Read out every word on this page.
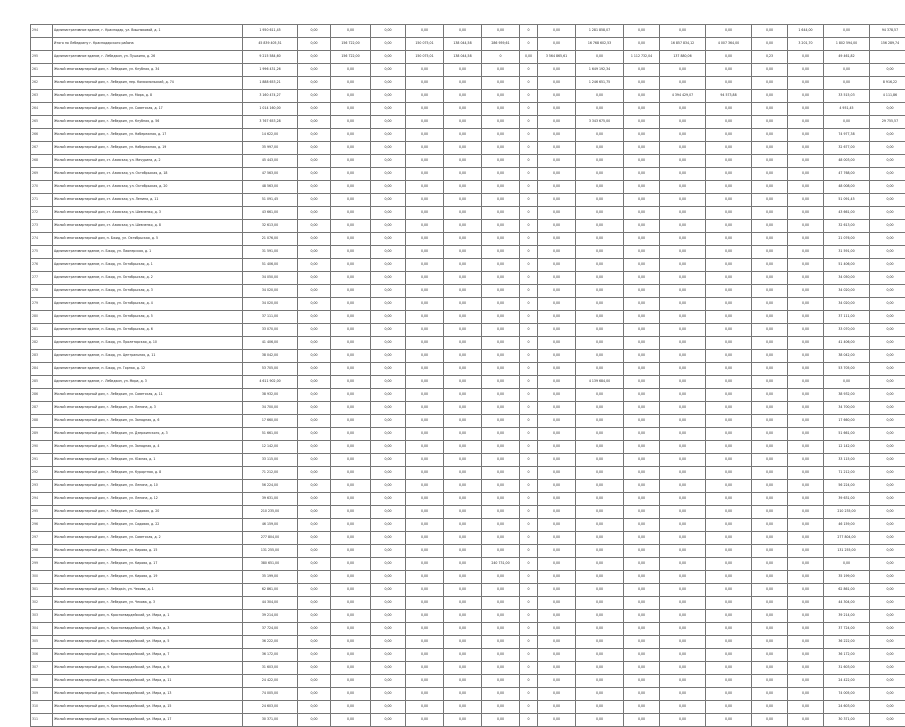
294	Административное здание, г. Краснодар, ул. Вишняковой, д. 1	1 950 611,45	0,00	0,00	0,00	0,00	0,00	0,00	0	0,00	1 281 858,07	0,00	0,00	0,00	0,00	1 644,00	0,00	94 378,57
	Итого по Лебедкину г. Краснодарского района	45 839 405,51	0,00	156 722,00	0,00	150 075,01	138 044,58	286 959,61	0	0,00	16 768 602,53	0,00	16 857 834,12	4 007 364,00	0,00	3 201,70	1 802 594,00	156 289,74
295	Административное здание, г. Лебедкин, ул. Пушкина, д. 26	9 215 584,60	0,00	156 722,00	0,00	150 075,01	138 044,58	0	0,00	3 564 865,61	0,00	1 112 732,04	137 880,06	0,00	0,23	0,00	49 461,82	
261	Жилой многоквартирный дом, г. Лебедкин, ул. Клубная, д. 34	1 996 431,26	0,00	0,00	0,00	0,00	0,00	0,00	0	0,00	1 649 192,34	0,00	0,00	0,00	0,00	0,00	0,00	0,00
262	Жилой многоквартирный дом, г. Лебедкин, пер. Комсомольский, д. 74	1 888 653,21	0,00	0,00	0,00	0,00	0,00	0,00	0	0,00	1 246 651,75	0,00	0,00	0,00	0,00	0,00	0,00	8 916,22
263	Жилой многоквартирный дом, г. Лебедкин, ул. Мира, д. 8	3 160 474,27	0,00	0,00	0,00	0,00	0,00	0,00	0	0,00	0,00	0,00	4 394 429,07	94 573,88	0,00	0,00	33 515,03	4 111,86
264	Жилой многоквартирный дом, г. Лебедкин, ул. Советская, д. 17	1 014 160,00	0,00	0,00	0,00	0,00	0,00	0,00	0	0,00	0,00	0,00	0,00	0,00	0,00	0,00	4 951,45	0,00
265	Жилой многоквартирный дом, г. Лебедкин, ул. Клубная, д. 56	3 767 653,28	0,00	0,00	0,00	0,00	0,00	0,00	0	0,00	3 343 675,00	0,00	0,00	0,00	0,00	0,00	0,00	29 755,57
266	Жилой многоквартирный дом, г. Лебедкин, ул. Набережная, д. 17	14 622,00	0,00	0,00	0,00	0,00	0,00	0,00	0	0,00	0,00	0,00	0,00	0,00	0,00	0,00	74 977,38	0,00
267	Жилой многоквартирный дом, г. Лебедкин, ул. Набережная, д. 19	35 997,00	0,00	0,00	0,00	0,00	0,00	0,00	0	0,00	0,00	0,00	0,00	0,00	0,00	0,00	32 677,00	0,00
268	Жилой многоквартирный дом, ст. Азовская, ул. Мичурина, д. 2	45 443,00	0,00	0,00	0,00	0,00	0,00	0,00	0	0,00	0,00	0,00	0,00	0,00	0,00	0,00	48 003,00	0,00
269	Жилой многоквартирный дом, ст. Азовская, ул. Октябрьская, д. 18	47 563,00	0,00	0,00	0,00	0,00	0,00	0,00	0	0,00	0,00	0,00	0,00	0,00	0,00	0,00	47 768,00	0,00
270	Жилой многоквартирный дом, ст. Азовская, ул. Октябрьская, д. 20	48 563,00	0,00	0,00	0,00	0,00	0,00	0,00	0	0,00	0,00	0,00	0,00	0,00	0,00	0,00	48 008,00	0,00
271	Жилой многоквартирный дом, ст. Азовская, ул. Ленина, д. 11	51 091,45	0,00	0,00	0,00	0,00	0,00	0,00	0	0,00	0,00	0,00	0,00	0,00	0,00	0,00	51 091,45	0,00
272	Жилой многоквартирный дом, ст. Азовская, ул. Шевченко, д. 3	43 661,00	0,00	0,00	0,00	0,00	0,00	0,00	0	0,00	0,00	0,00	0,00	0,00	0,00	0,00	43 661,00	0,00
273	Жилой многоквартирный дом, ст. Азовская, ул. Шевченко, д. 8	32 613,00	0,00	0,00	0,00	0,00	0,00	0,00	0	0,00	0,00	0,00	0,00	0,00	0,00	0,00	32 613,00	0,00
274	Жилой многоквартирный дом, п. Бжид, ул. Октябрьская, д. 5	21 076,00	0,00	0,00	0,00	0,00	0,00	0,00	0	0,00	0,00	0,00	0,00	0,00	0,00	0,00	21 076,00	0,00
275	Административное здание, п. Бжид, ул. Пионерская, д. 1	31 591,00	0,00	0,00	0,00	0,00	0,00	0,00	0	0,00	0,00	0,00	0,00	0,00	0,00	0,00	31 591,00	0,00
276	Административное здание, п. Бжид, ул. Октябрьская, д. 1	51 406,00	0,00	0,00	0,00	0,00	0,00	0,00	0	0,00	0,00	0,00	0,00	0,00	0,00	0,00	51 406,00	0,00
277	Административное здание, п. Бжид, ул. Октябрьская, д. 2	34 050,00	0,00	0,00	0,00	0,00	0,00	0,00	0	0,00	0,00	0,00	0,00	0,00	0,00	0,00	34 050,00	0,00
278	Административное здание, п. Бжид, ул. Октябрьская, д. 3	34 020,00	0,00	0,00	0,00	0,00	0,00	0,00	0	0,00	0,00	0,00	0,00	0,00	0,00	0,00	34 020,00	0,00
279	Административное здание, п. Бжид, ул. Октябрьская, д. 4	34 020,00	0,00	0,00	0,00	0,00	0,00	0,00	0	0,00	0,00	0,00	0,00	0,00	0,00	0,00	34 020,00	0,00
280	Административное здание, п. Бжид, ул. Октябрьская, д. 5	37 111,00	0,00	0,00	0,00	0,00	0,00	0,00	0	0,00	0,00	0,00	0,00	0,00	0,00	0,00	37 111,00	0,00
281	Административное здание, п. Бжид, ул. Октябрьская, д. 6	33 070,00	0,00	0,00	0,00	0,00	0,00	0,00	0	0,00	0,00	0,00	0,00	0,00	0,00	0,00	33 070,00	0,00
282	Административное здание, п. Бжид, ул. Пролетарская, д. 10	41 406,00	0,00	0,00	0,00	0,00	0,00	0,00	0	0,00	0,00	0,00	0,00	0,00	0,00	0,00	41 406,00	0,00
283	Административное здание, п. Бжид, ул. Центральная, д. 11	38 042,00	0,00	0,00	0,00	0,00	0,00	0,00	0	0,00	0,00	0,00	0,00	0,00	0,00	0,00	38 042,00	0,00
284	Административное здание, п. Бжид, ул. Горная, д. 12	53 705,00	0,00	0,00	0,00	0,00	0,00	0,00	0	0,00	0,00	0,00	0,00	0,00	0,00	0,00	53 705,00	0,00
285	Административное здание, г. Лебедкин, ул. Мира, д. 3	4 611 902,00	0,00	0,00	0,00	0,00	0,00	0,00	0	0,00	4 139 684,00	0,00	0,00	0,00	0,00	0,00	0,00	0,00
286	Жилой многоквартирный дом, г. Лебедкин, ул. Советская, д. 11	38 932,00	0,00	0,00	0,00	0,00	0,00	0,00	0	0,00	0,00	0,00	0,00	0,00	0,00	0,00	38 932,00	0,00
287	Жилой многоквартирный дом, г. Лебедкин, ул. Ленина, д. 3	34 700,00	0,00	0,00	0,00	0,00	0,00	0,00	0	0,00	0,00	0,00	0,00	0,00	0,00	0,00	34 700,00	0,00
288	Жилой многоквартирный дом, г. Лебедкин, ул. Западная, д. 6	17 660,00	0,00	0,00	0,00	0,00	0,00	0,00	0	0,00	0,00	0,00	0,00	0,00	0,00	0,00	17 660,00	0,00
289	Жилой многоквартирный дом, г. Лебедкин, ул. Дзержинского, д. 3	51 661,00	0,00	0,00	0,00	0,00	0,00	0,00	0	0,00	0,00	0,00	0,00	0,00	0,00	0,00	51 661,00	0,00
290	Жилой многоквартирный дом, г. Лебедкин, ул. Западная, д. 4	12 142,00	0,00	0,00	0,00	0,00	0,00	0,00	0	0,00	0,00	0,00	0,00	0,00	0,00	0,00	12 142,00	0,00
291	Жилой многоквартирный дом, г. Лебедкин, ул. Южная, д. 1	33 115,00	0,00	0,00	0,00	0,00	0,00	0,00	0	0,00	0,00	0,00	0,00	0,00	0,00	0,00	33 115,00	0,00
292	Жилой многоквартирный дом, г. Лебедкин, ул. Курортная, д. 8	71 212,00	0,00	0,00	0,00	0,00	0,00	0,00	0	0,00	0,00	0,00	0,00	0,00	0,00	0,00	71 212,00	0,00
293	Жилой многоквартирный дом, г. Лебедкин, ул. Ленина, д. 10	56 224,00	0,00	0,00	0,00	0,00	0,00	0,00	0	0,00	0,00	0,00	0,00	0,00	0,00	0,00	56 224,00	0,00
294	Жилой многоквартирный дом, г. Лебедкин, ул. Ленина, д. 12	39 631,00	0,00	0,00	0,00	0,00	0,00	0,00	0	0,00	0,00	0,00	0,00	0,00	0,00	0,00	39 631,00	0,00
295	Жилой многоквартирный дом, г. Лебедкин, ул. Садовая, д. 20	210 235,00	0,00	0,00	0,00	0,00	0,00	0,00	0	0,00	0,00	0,00	0,00	0,00	0,00	0,00	210 235,00	0,00
296	Жилой многоквартирный дом, г. Лебедкин, ул. Садовая, д. 22	46 159,00	0,00	0,00	0,00	0,00	0,00	0,00	0	0,00	0,00	0,00	0,00	0,00	0,00	0,00	46 159,00	0,00
297	Жилой многоквартирный дом, г. Лебедкин, ул. Советская, д. 2	277 804,00	0,00	0,00	0,00	0,00	0,00	0,00	0	0,00	0,00	0,00	0,00	0,00	0,00	0,00	277 804,00	0,00
298	Жилой многоквартирный дом, г. Лебедкин, ул. Кирова, д. 15	131 255,00	0,00	0,00	0,00	0,00	0,00	0,00	0	0,00	0,00	0,00	0,00	0,00	0,00	0,00	131 255,00	0,00
299	Жилой многоквартирный дом, г. Лебедкин, ул. Кирова, д. 17	380 651,00	0,00	0,00	0,00	0,00	0,00	240 731,00	0	0,00	0,00	0,00	0,00	0,00	0,00	0,00	0,00	0,00
300	Жилой многоквартирный дом, г. Лебедкин, ул. Кирова, д. 19	35 199,00	0,00	0,00	0,00	0,00	0,00	0,00	0	0,00	0,00	0,00	0,00	0,00	0,00	0,00	35 199,00	0,00
301	Жилой многоквартирный дом, г. Лебедкin, ул. Чехова, д. 1	62 861,00	0,00	0,00	0,00	0,00	0,00	0,00	0	0,00	0,00	0,00	0,00	0,00	0,00	0,00	62 861,00	0,00
302	Жилой многоквартирный дом, г. Лебедкин, ул. Чехова, д. 3	44 304,00	0,00	0,00	0,00	0,00	0,00	0,00	0	0,00	0,00	0,00	0,00	0,00	0,00	0,00	44 304,00	0,00
303	Жилой многоквартирный дом, п. Красногвардейский, ул. Мира, д. 1	39 214,00	0,00	0,00	0,00	0,00	0,00	0,00	0	0,00	0,00	0,00	0,00	0,00	0,00	0,00	39 214,00	0,00
304	Жилой многоквартирный дом, п. Красногвардейский, ул. Мира, д. 3	37 724,00	0,00	0,00	0,00	0,00	0,00	0,00	0	0,00	0,00	0,00	0,00	0,00	0,00	0,00	37 724,00	0,00
305	Жилой многоквартирный дом, п. Красногвардейский, ул. Мира, д. 5	36 222,00	0,00	0,00	0,00	0,00	0,00	0,00	0	0,00	0,00	0,00	0,00	0,00	0,00	0,00	36 222,00	0,00
306	Жилой многоквартирный дом, п. Красногвардейский, ул. Мира, д. 7	36 172,00	0,00	0,00	0,00	0,00	0,00	0,00	0	0,00	0,00	0,00	0,00	0,00	0,00	0,00	36 172,00	0,00
307	Жилой многоквартирный дом, п. Красногвардейский, ул. Мира, д. 9	31 603,00	0,00	0,00	0,00	0,00	0,00	0,00	0	0,00	0,00	0,00	0,00	0,00	0,00	0,00	31 603,00	0,00
308	Жилой многоквартирный дом, п. Красногвардейский, ул. Мира, д. 11	24 422,00	0,00	0,00	0,00	0,00	0,00	0,00	0	0,00	0,00	0,00	0,00	0,00	0,00	0,00	24 422,00	0,00
309	Жилой многоквартирный дом, п. Красногвардейский, ул. Мира, д. 13	74 005,00	0,00	0,00	0,00	0,00	0,00	0,00	0	0,00	0,00	0,00	0,00	0,00	0,00	0,00	74 005,00	0,00
310	Жилой многоквартирный дом, п. Красногвардейский, ул. Мира, д. 15	24 603,00	0,00	0,00	0,00	0,00	0,00	0,00	0	0,00	0,00	0,00	0,00	0,00	0,00	0,00	24 603,00	0,00
311	Жилой многоквартирный дом, п. Красногвардейский, ул. Мира, д. 17	30 371,00	0,00	0,00	0,00	0,00	0,00	0,00	0	0,00	0,00	0,00	0,00	0,00	0,00	0,00	30 371,00	0,00
